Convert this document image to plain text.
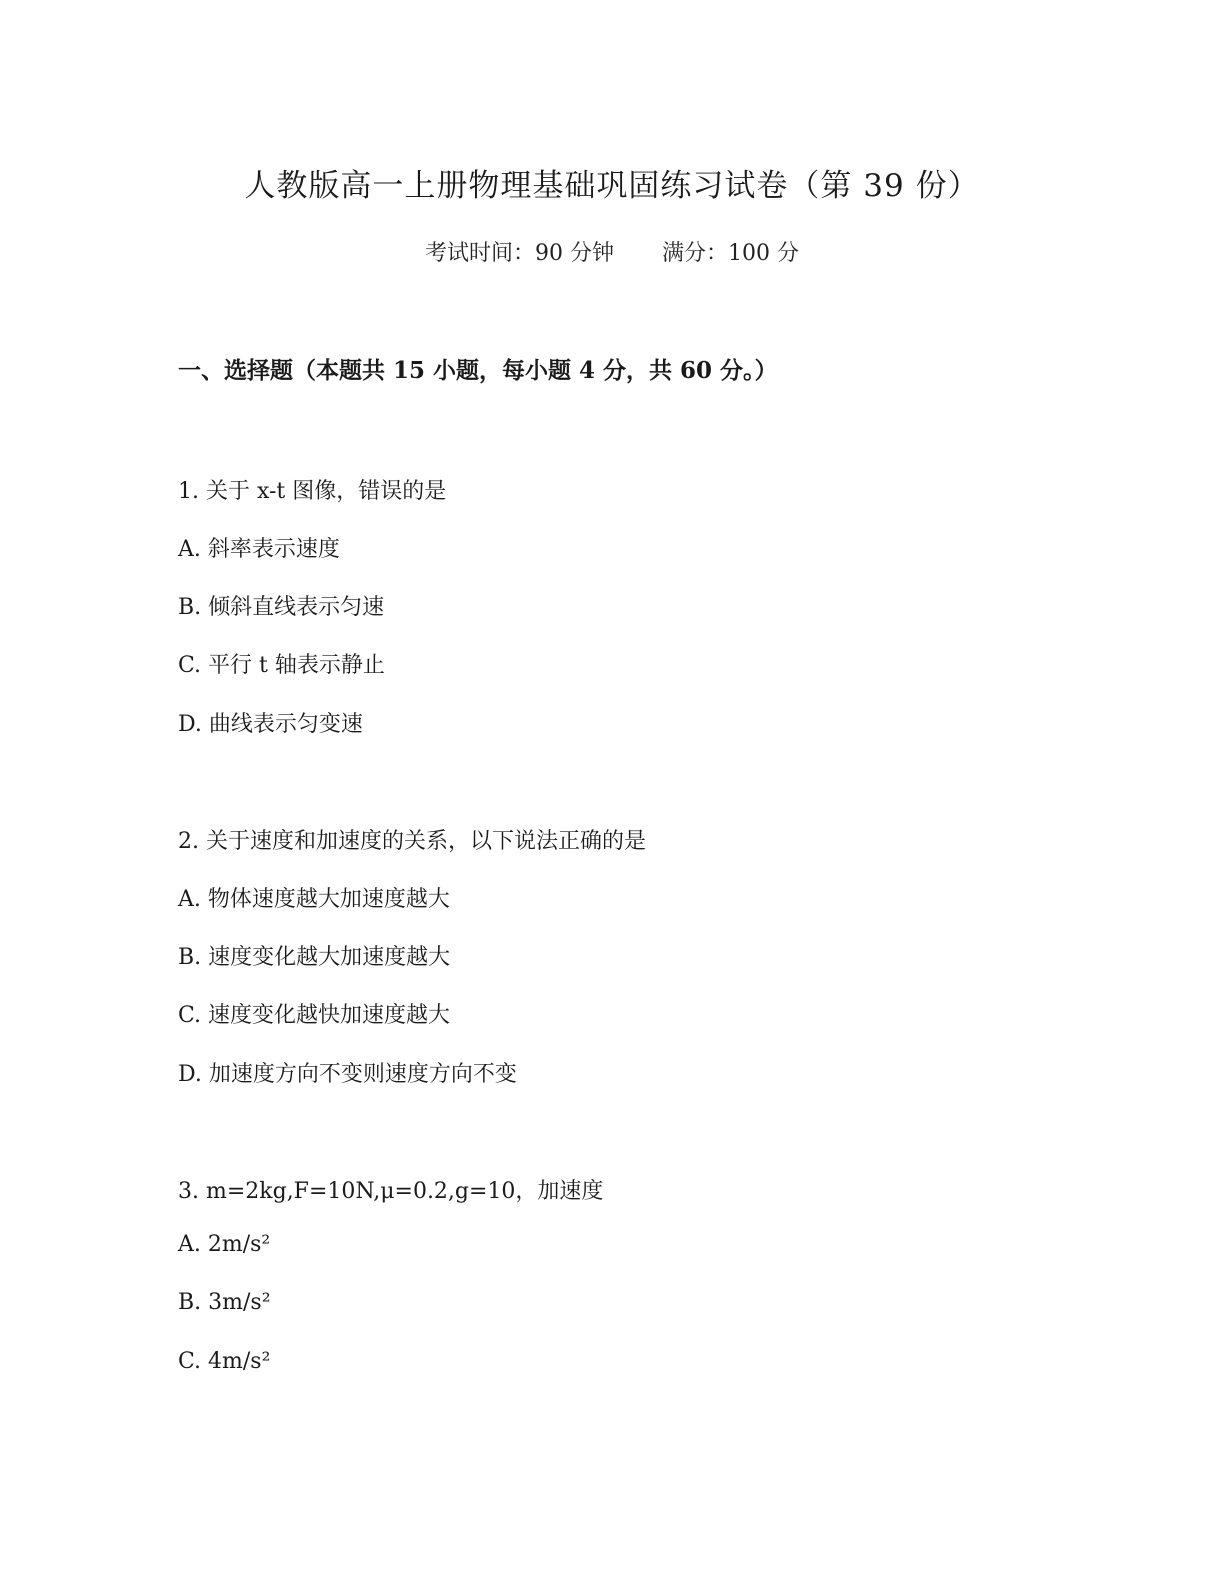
人教版高一上册物理基础巩固练习试卷（第 39 份）
考试时间：90 分钟 满分：100 分
一、选择题（本题共 15 小题，每小题 4 分，共 60 分。）
1. 关于 x-t 图像，错误的是
A. 斜率表示速度
B. 倾斜直线表示匀速
C. 平行 t 轴表示静止
D. 曲线表示匀变速
2. 关于速度和加速度的关系，以下说法正确的是
A. 物体速度越大加速度越大
B. 速度变化越大加速度越大
C. 速度变化越快加速度越大
D. 加速度方向不变则速度方向不变
3. m=2kg,F=10N,μ=0.2,g=10，加速度
A. 2m/s²
B. 3m/s²
C. 4m/s²
